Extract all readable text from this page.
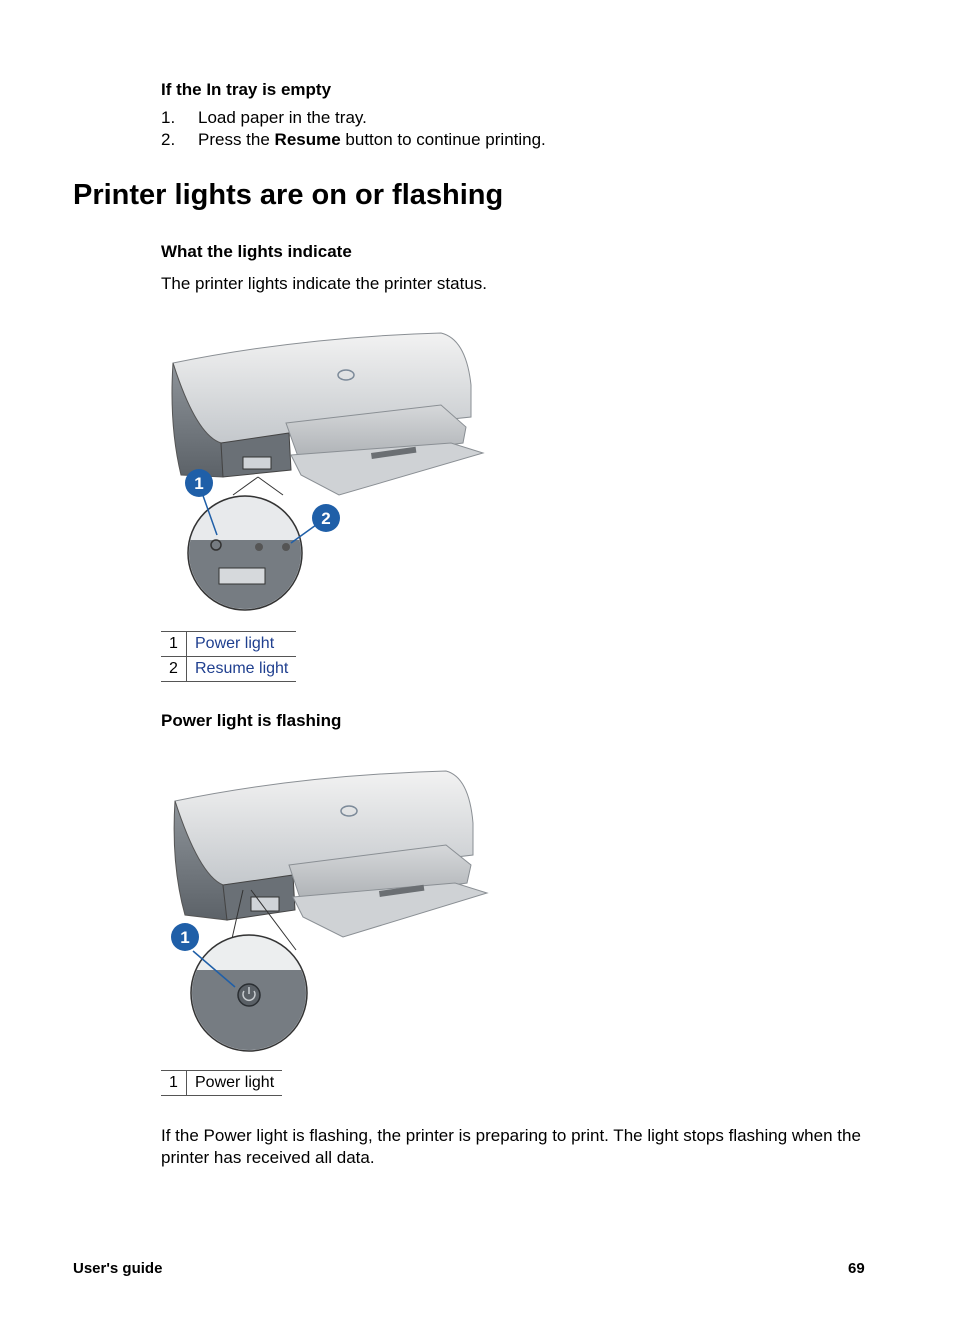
If the In tray is empty
1. Load paper in the tray.
2. Press the Resume button to continue printing.
Printer lights are on or flashing
What the lights indicate
The printer lights indicate the printer status.
1
2
1	Power light
2	Resume light
Power light is flashing
1
1	Power light
If the Power light is flashing, the printer is preparing to print. The light stops flashing when the printer has received all data.
User's guide	69
